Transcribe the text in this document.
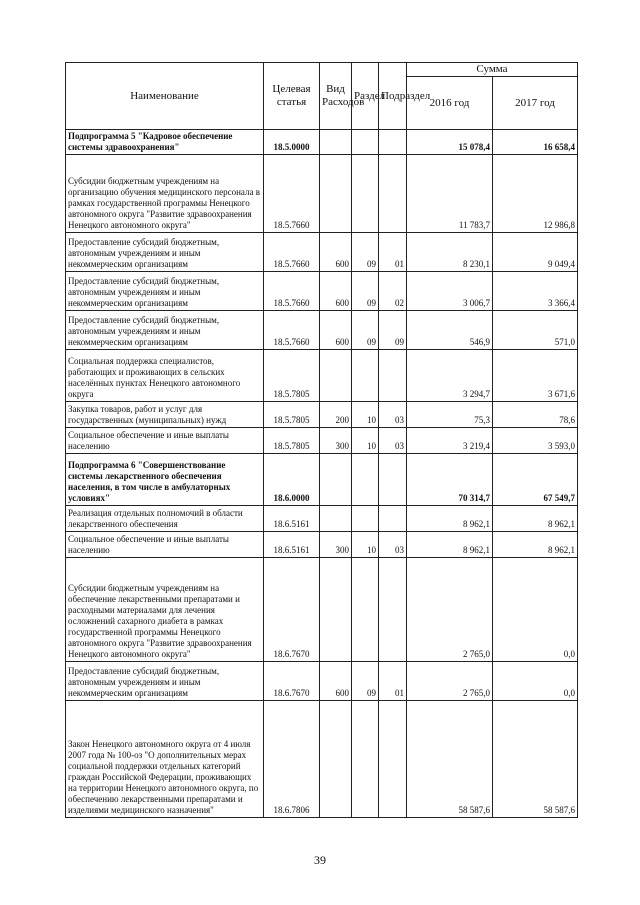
Наименование	Целевая статья	Вид Расходов	Раздел	Подраздел	Сумма	
					2016 год	2017 год
Подпрограмма 5 "Кадровое обеспечение системы здравоохранения"	18.5.0000				15 078,4	16 658,4
Субсидии бюджетным учреждениям на организацию обучения медицинского персонала в рамках государственной программы Ненецкого автономного округа "Развитие здравоохранения Ненецкого автономного округа"	18.5.7660				11 783,7	12 986,8
Предоставление субсидий бюджетным, автономным учреждениям и иным некоммерческим организациям	18.5.7660	600	09	01	8 230,1	9 049,4
Предоставление субсидий бюджетным, автономным учреждениям и иным некоммерческим организациям	18.5.7660	600	09	02	3 006,7	3 366,4
Предоставление субсидий бюджетным, автономным учреждениям и иным некоммерческим организациям	18.5.7660	600	09	09	546,9	571,0
Социальная поддержка специалистов, работающих и проживающих в сельских населённых пунктах Ненецкого автономного округа	18.5.7805				3 294,7	3 671,6
Закупка товаров, работ и услуг для государственных (муниципальных) нужд	18.5.7805	200	10	03	75,3	78,6
Социальное обеспечение и иные выплаты населению	18.5.7805	300	10	03	3 219,4	3 593,0
Подпрограмма 6 "Совершенствование системы лекарственного обеспечения населения, в том числе в амбулаторных условиях"	18.6.0000				70 314,7	67 549,7
Реализация отдельных полномочий в области лекарственного обеспечения	18.6.5161				8 962,1	8 962,1
Социальное обеспечение и иные выплаты населению	18.6.5161	300	10	03	8 962,1	8 962,1
Субсидии бюджетным учреждениям на обеспечение лекарственными препаратами и расходными материалами для лечения осложнений сахарного диабета в рамках государственной программы Ненецкого автономного округа "Развитие здравоохранения Ненецкого автономного округа"	18.6.7670				2 765,0	0,0
Предоставление субсидий бюджетным, автономным учреждениям и иным некоммерческим организациям	18.6.7670	600	09	01	2 765,0	0,0
Закон Ненецкого автономного округа от 4 июля 2007 года № 100-оз "О дополнительных мерах социальной поддержки отдельных категорий граждан Российской Федерации, проживающих на территории Ненецкого автономного округа, по обеспечению лекарственными препаратами и изделиями медицинского назначения"	18.6.7806				58 587,6	58 587,6
39
